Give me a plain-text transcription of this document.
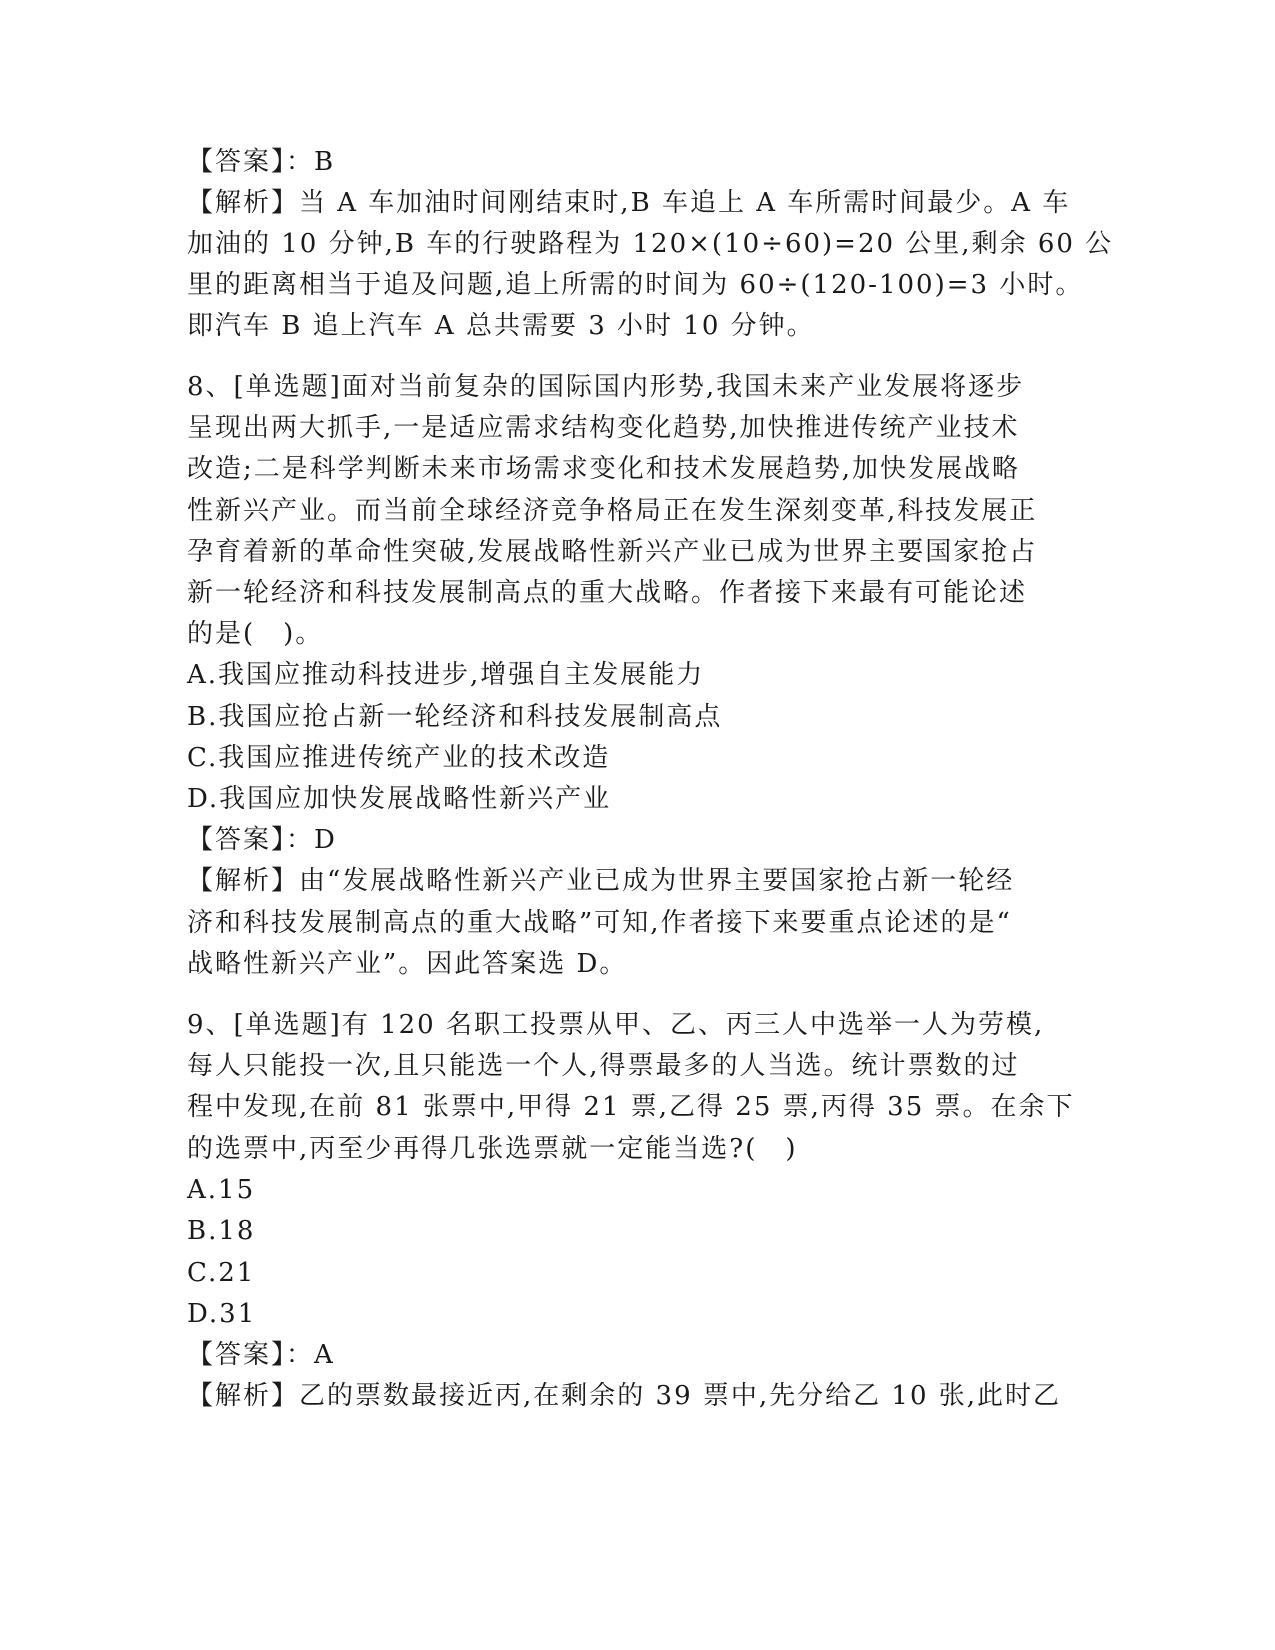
【答案】：B
【解析】当 A 车加油时间刚结束时,B 车追上 A 车所需时间最少。A 车
加油的 10 分钟,B 车的行驶路程为 120×(10÷60)=20 公里,剩余 60 公
里的距离相当于追及问题,追上所需的时间为 60÷(120-100)=3 小时。
即汽车 B 追上汽车 A 总共需要 3 小时 10 分钟。
8、[单选题]面对当前复杂的国际国内形势,我国未来产业发展将逐步
呈现出两大抓手,一是适应需求结构变化趋势,加快推进传统产业技术
改造;二是科学判断未来市场需求变化和技术发展趋势,加快发展战略
性新兴产业。而当前全球经济竞争格局正在发生深刻变革,科技发展正
孕育着新的革命性突破,发展战略性新兴产业已成为世界主要国家抢占
新一轮经济和科技发展制高点的重大战略。作者接下来最有可能论述
的是(　)。
A.我国应推动科技进步,增强自主发展能力
B.我国应抢占新一轮经济和科技发展制高点
C.我国应推进传统产业的技术改造
D.我国应加快发展战略性新兴产业
【答案】：D
【解析】由“发展战略性新兴产业已成为世界主要国家抢占新一轮经
济和科技发展制高点的重大战略”可知,作者接下来要重点论述的是“
战略性新兴产业”。因此答案选 D。
9、[单选题]有 120 名职工投票从甲、乙、丙三人中选举一人为劳模,
每人只能投一次,且只能选一个人,得票最多的人当选。统计票数的过
程中发现,在前 81 张票中,甲得 21 票,乙得 25 票,丙得 35 票。在余下
的选票中,丙至少再得几张选票就一定能当选?(　)
A.15
B.18
C.21
D.31
【答案】：A
【解析】乙的票数最接近丙,在剩余的 39 票中,先分给乙 10 张,此时乙
